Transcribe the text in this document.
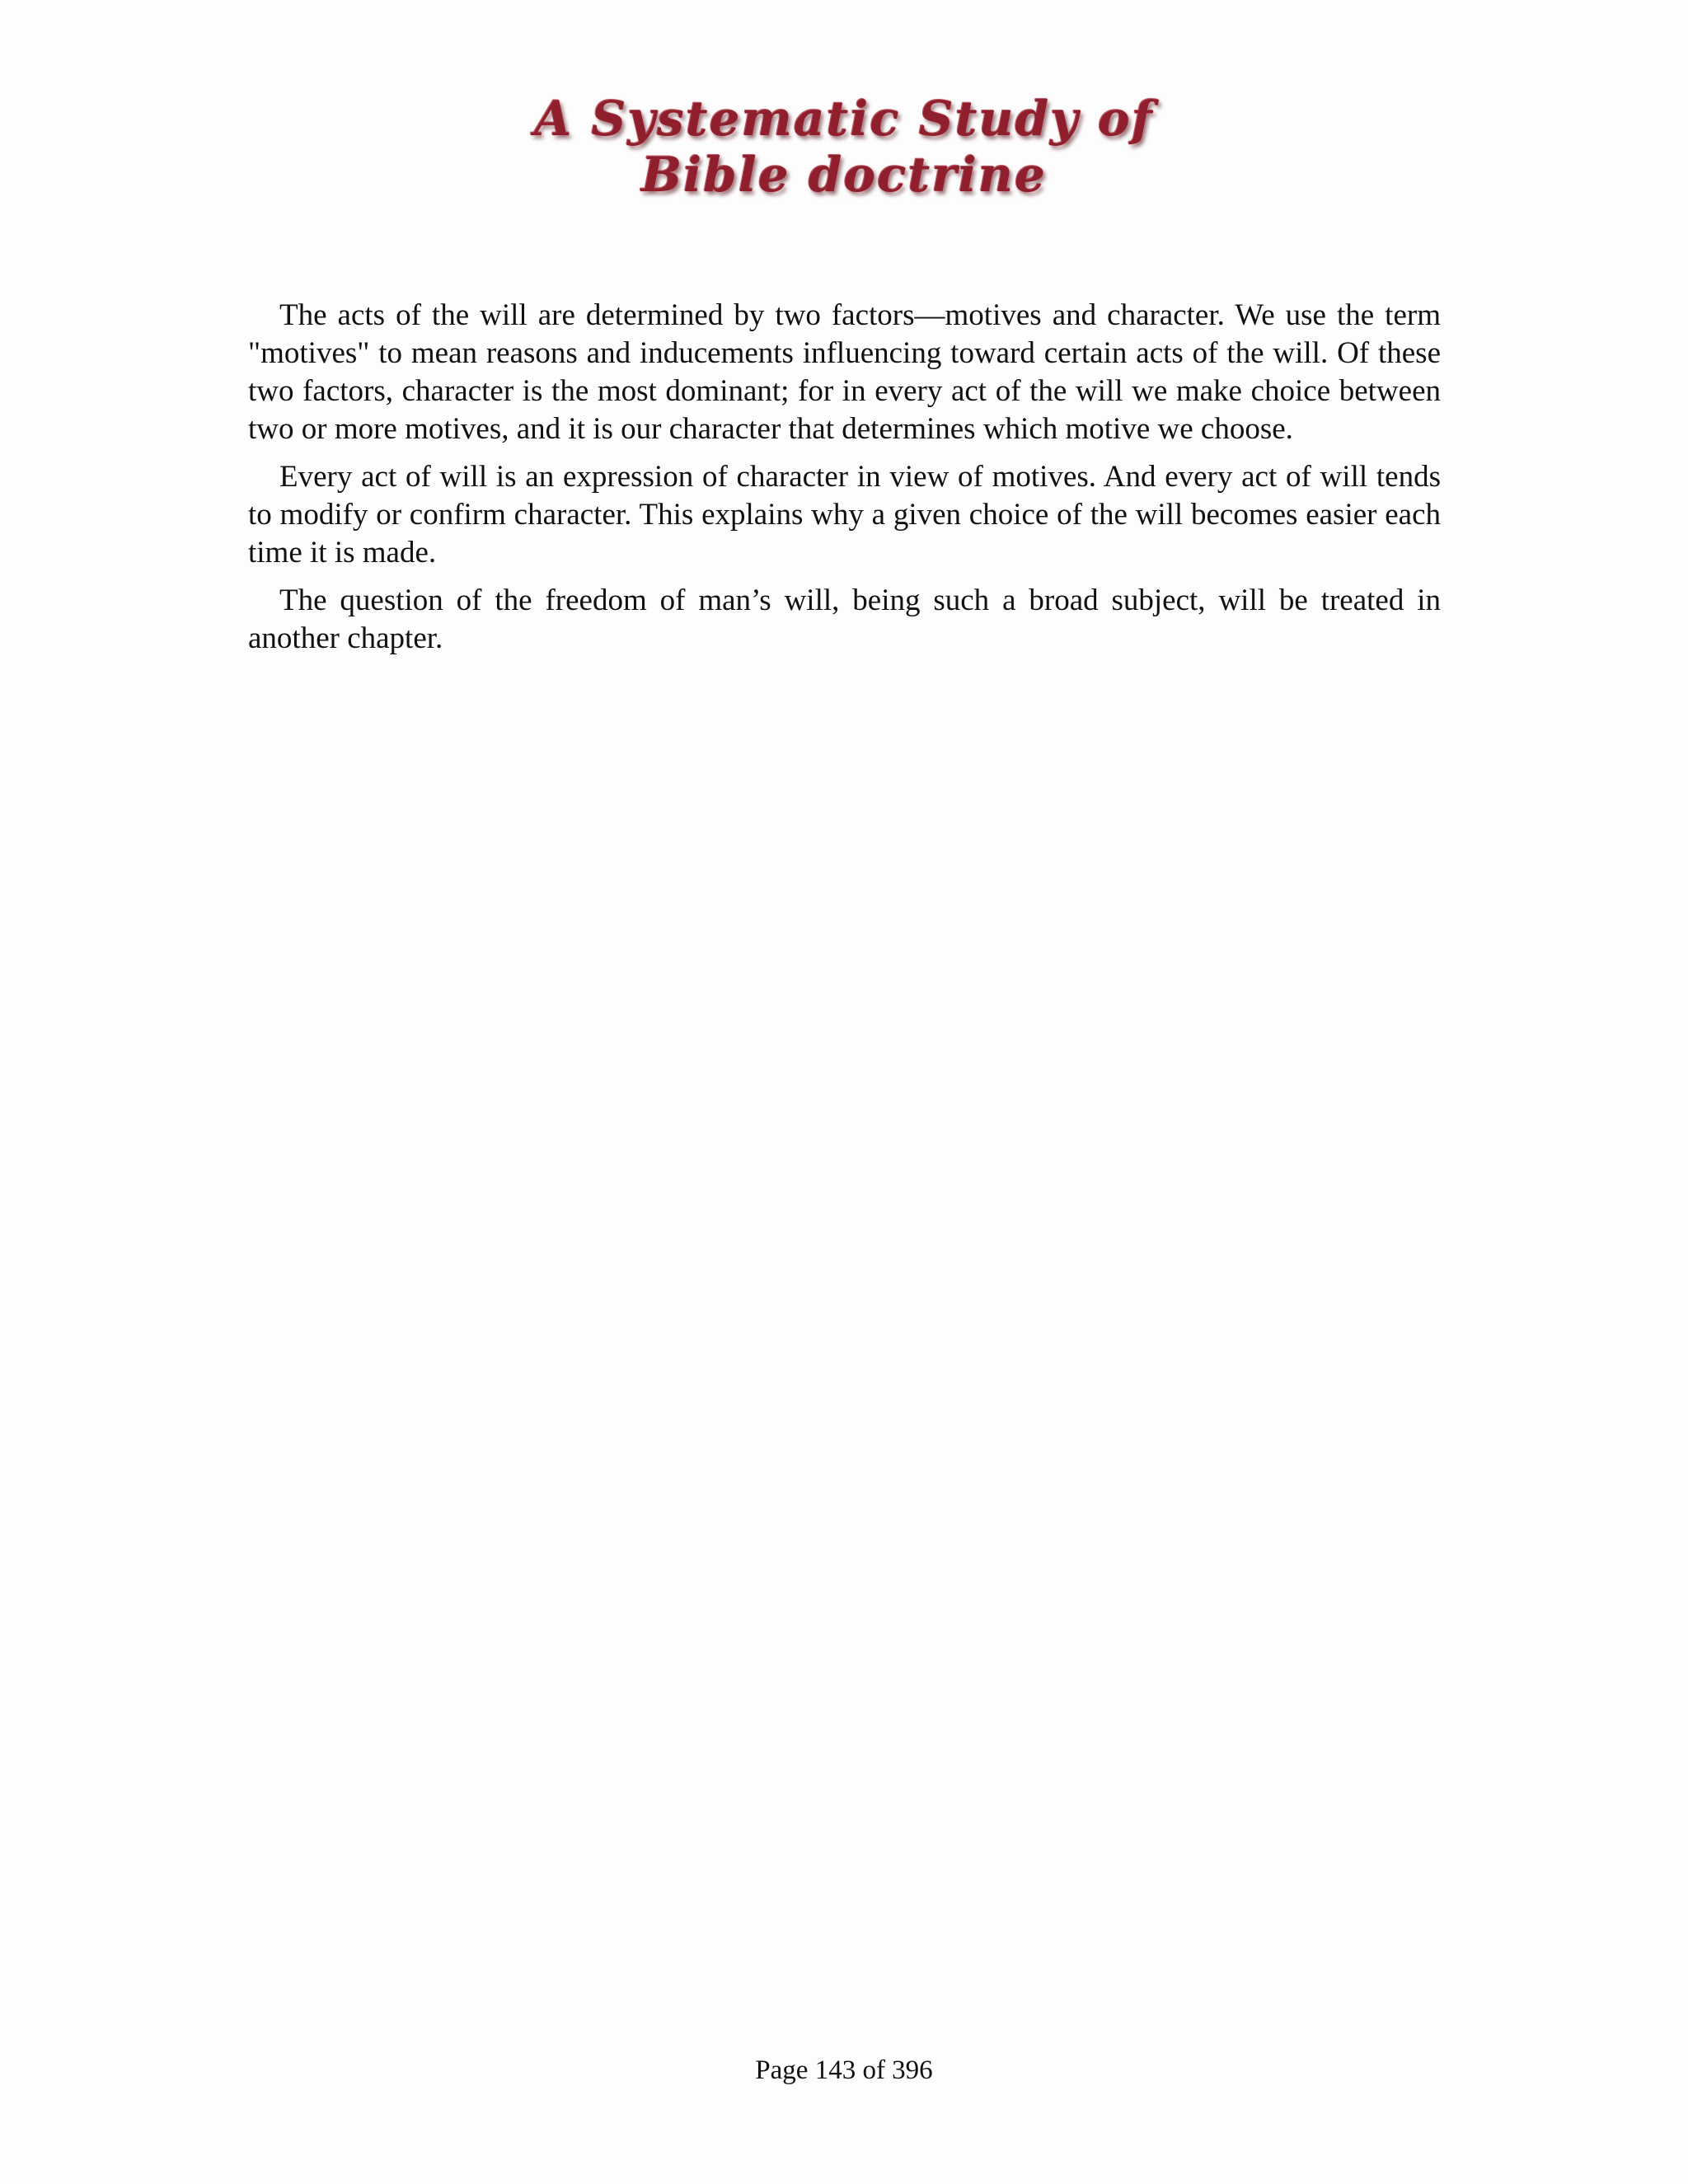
A Systematic Study of
Bible doctrine

The acts of the will are determined by two factors—motives and character. We use the term "motives" to mean reasons and inducements influencing toward certain acts of the will. Of these two factors, character is the most dominant; for in every act of the will we make choice between two or more motives, and it is our character that determines which motive we choose.

Every act of will is an expression of character in view of motives. And every act of will tends to modify or confirm character. This explains why a given choice of the will becomes easier each time it is made.

The question of the freedom of man’s will, being such a broad subject, will be treated in another chapter.

Page 143 of 396
